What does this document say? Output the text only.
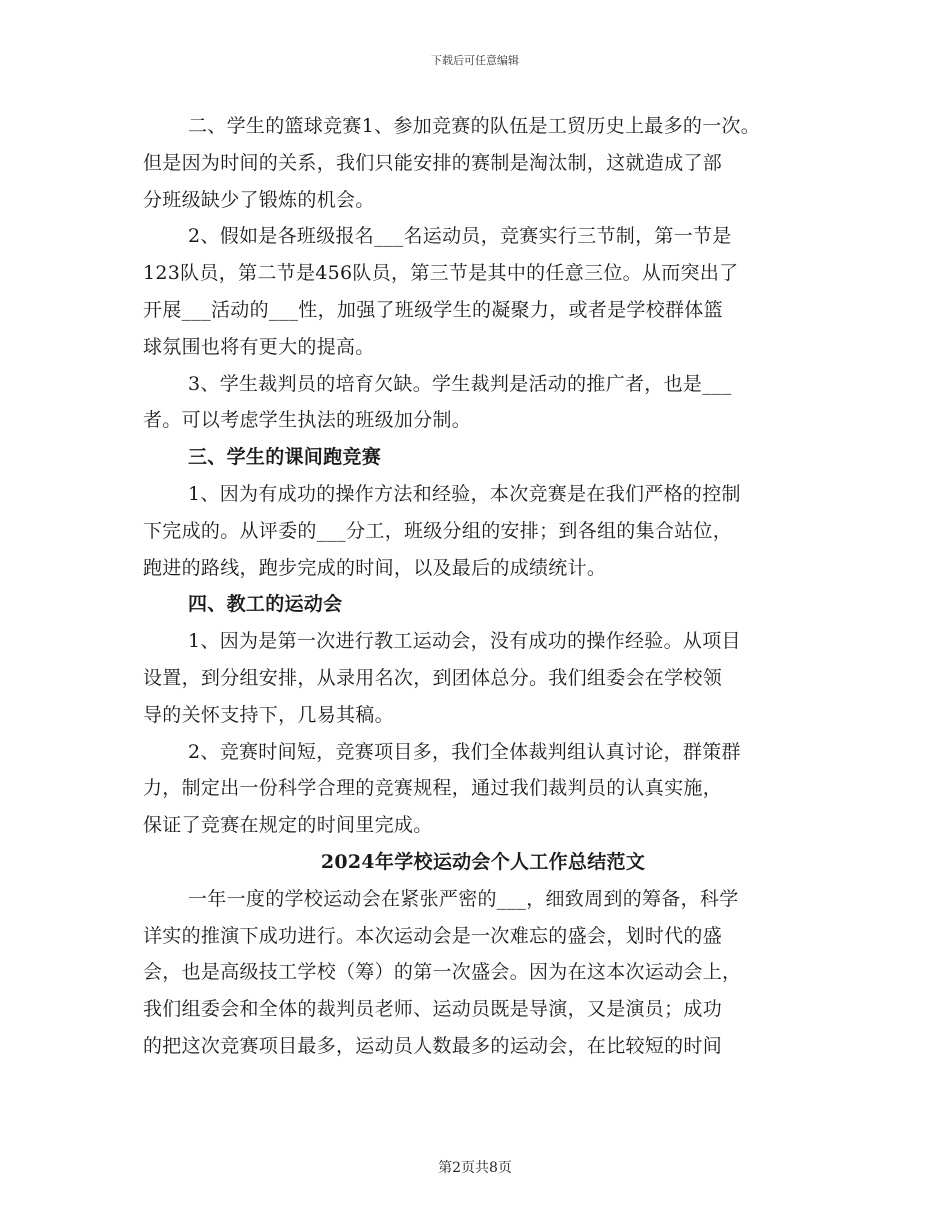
下载后可任意编辑
二、学生的篮球竞赛1、参加竞赛的队伍是工贸历史上最多的一次。
但是因为时间的关系，我们只能安排的赛制是淘汰制，这就造成了部
分班级缺少了锻炼的机会。
2、假如是各班级报名___名运动员，竞赛实行三节制，第一节是
123队员，第二节是456队员，第三节是其中的任意三位。从而突出了
开展___活动的___性，加强了班级学生的凝聚力，或者是学校群体篮
球氛围也将有更大的提高。
3、学生裁判员的培育欠缺。学生裁判是活动的推广者，也是___
者。可以考虑学生执法的班级加分制。
三、学生的课间跑竞赛
1、因为有成功的操作方法和经验，本次竞赛是在我们严格的控制
下完成的。从评委的___分工，班级分组的安排；到各组的集合站位，
跑进的路线，跑步完成的时间，以及最后的成绩统计。
四、教工的运动会
1、因为是第一次进行教工运动会，没有成功的操作经验。从项目
设置，到分组安排，从录用名次，到团体总分。我们组委会在学校领
导的关怀支持下，几易其稿。
2、竞赛时间短，竞赛项目多，我们全体裁判组认真讨论，群策群
力，制定出一份科学合理的竞赛规程，通过我们裁判员的认真实施，
保证了竞赛在规定的时间里完成。
2024年学校运动会个人工作总结范文
一年一度的学校运动会在紧张严密的___，细致周到的筹备，科学
详实的推演下成功进行。本次运动会是一次难忘的盛会，划时代的盛
会，也是高级技工学校（筹）的第一次盛会。因为在这本次运动会上，
我们组委会和全体的裁判员老师、运动员既是导演，又是演员；成功
的把这次竞赛项目最多，运动员人数最多的运动会，在比较短的时间
第2页共8页
